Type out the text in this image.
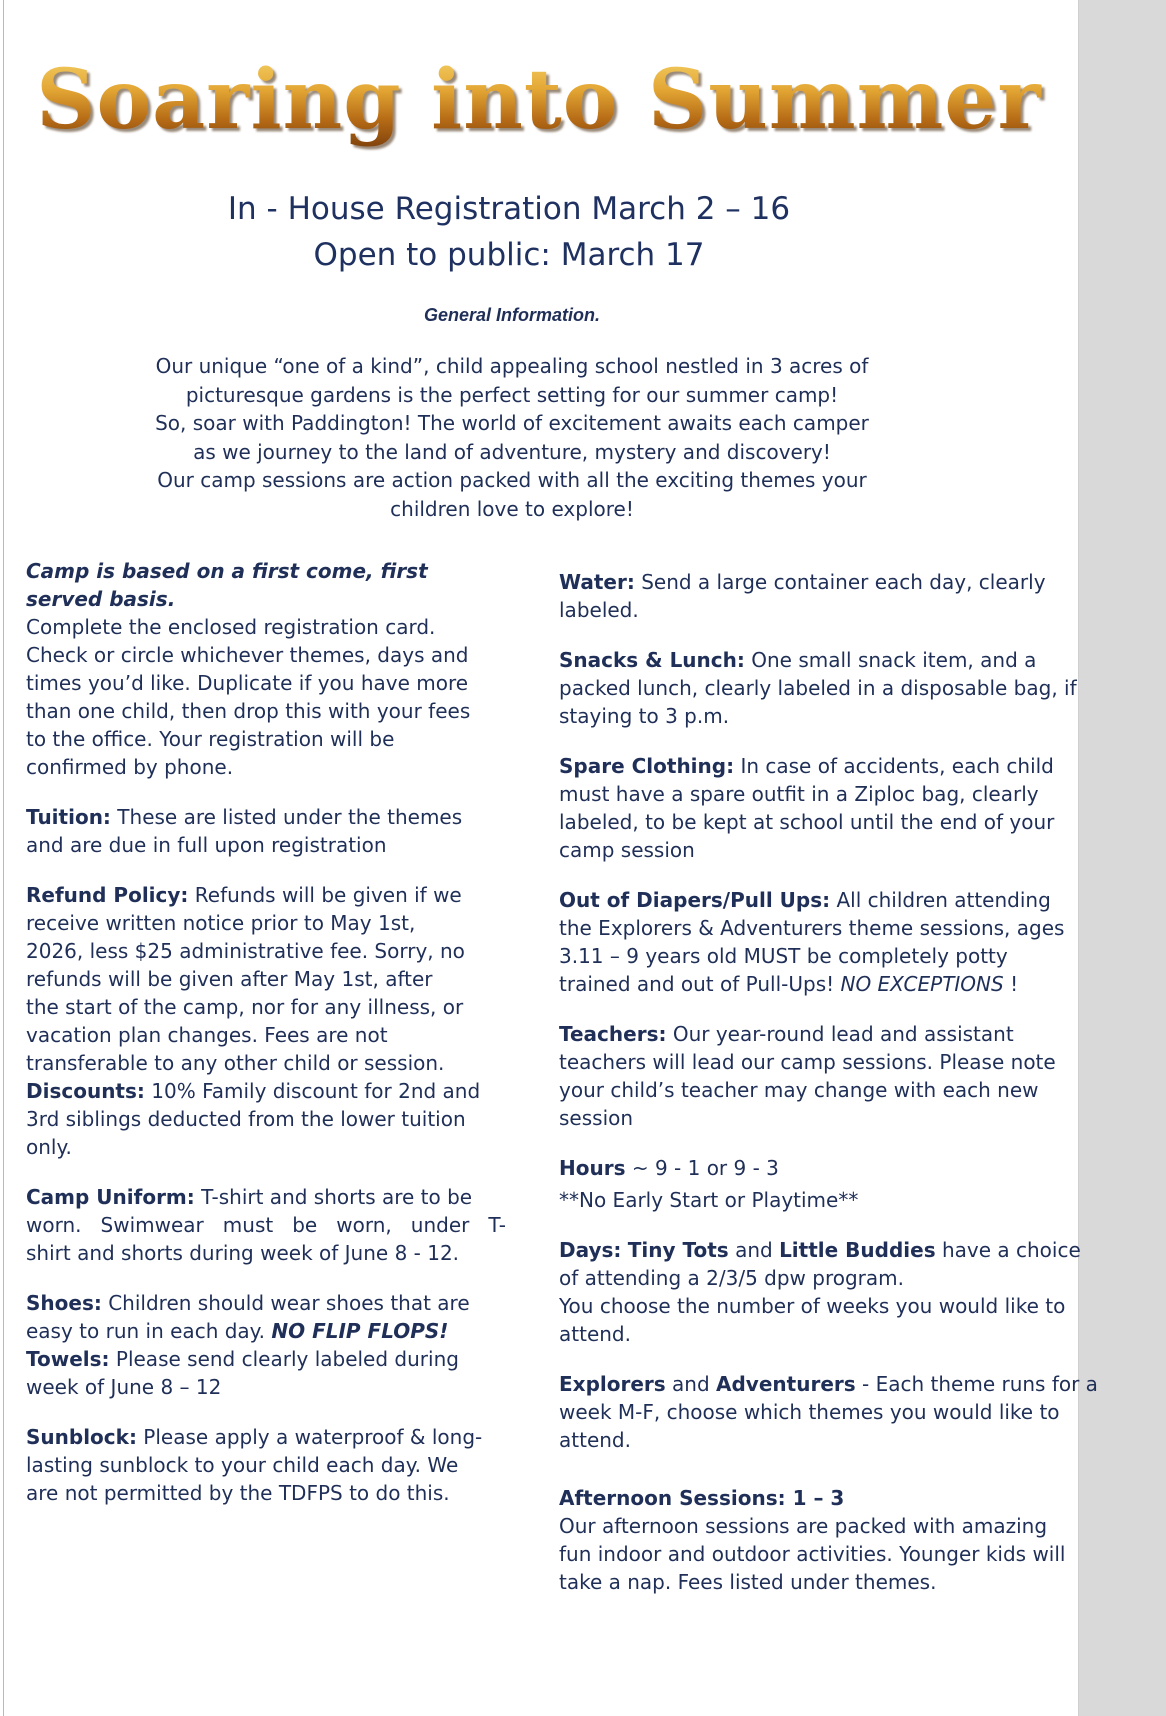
Soaring into Summer
In - House Registration March 2 – 16
Open to public: March 17
General Information.
Our unique “one of a kind”, child appealing school nestled in 3 acres of
picturesque gardens is the perfect setting for our summer camp!
So, soar with Paddington! The world of excitement awaits each camper
as we journey to the land of adventure, mystery and discovery!
Our camp sessions are action packed with all the exciting themes your
children love to explore!

Camp is based on a first come, first

served basis.

Complete the enclosed registration card.

Check or circle whichever themes, days and

times you’d like. Duplicate if you have more

than one child, then drop this with your fees

to the office. Your registration will be

confirmed by phone.

Tuition: These are listed under the themes

and are due in full upon registration

Refund Policy: Refunds will be given if we

receive written notice prior to May 1st,

2026, less $25 administrative fee. Sorry, no

refunds will be given after May 1st, after

the start of the camp, nor for any illness, or

vacation plan changes. Fees are not

transferable to any other child or session.

Discounts: 10% Family discount for 2nd and

3rd siblings deducted from the lower tuition

only.

Camp Uniform: T-shirt and shorts are to be

worn. Swimwear must be worn, under T-

shirt and shorts during week of June 8 - 12.

Shoes: Children should wear shoes that are

easy to run in each day. NO FLIP FLOPS!

Towels: Please send clearly labeled during

week of June 8 – 12

Sunblock: Please apply a waterproof & long-

lasting sunblock to your child each day. We

are not permitted by the TDFPS to do this.

Water: Send a large container each day, clearly

labeled.

Snacks & Lunch: One small snack item, and a

packed lunch, clearly labeled in a disposable bag, if

staying to 3 p.m.

Spare Clothing: In case of accidents, each child

must have a spare outfit in a Ziploc bag, clearly

labeled, to be kept at school until the end of your

camp session

Out of Diapers/Pull Ups: All children attending

the Explorers & Adventurers theme sessions, ages

3.11 – 9 years old MUST be completely potty

trained and out of Pull-Ups! NO EXCEPTIONS !

Teachers: Our year-round lead and assistant

teachers will lead our camp sessions. Please note

your child’s teacher may change with each new

session

Hours ~ 9 - 1 or 9 - 3

**No Early Start or Playtime**

Days: Tiny Tots and Little Buddies have a choice

of attending a 2/3/5 dpw program.

You choose the number of weeks you would like to

attend.

Explorers and Adventurers - Each theme runs for a

week M-F, choose which themes you would like to

attend.

Afternoon Sessions: 1 – 3

Our afternoon sessions are packed with amazing

fun indoor and outdoor activities. Younger kids will

take a nap. Fees listed under themes.
